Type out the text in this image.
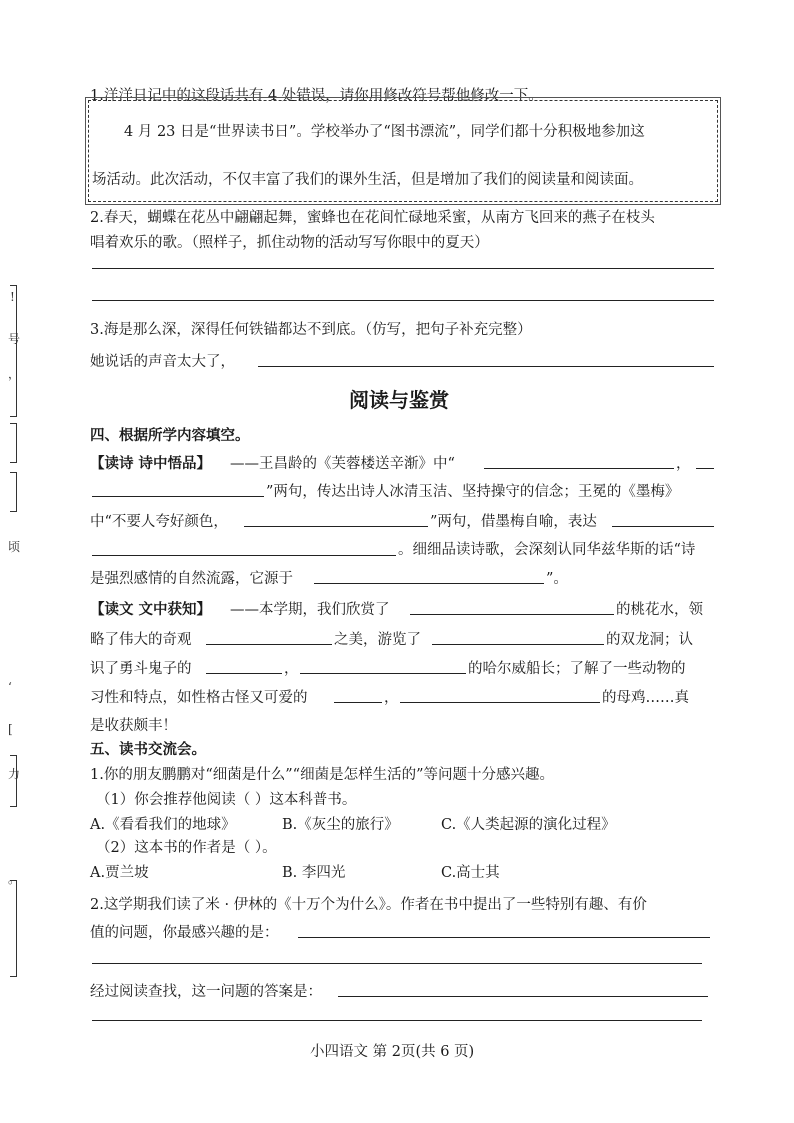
!
号
，
顷
‘
[
力
。
1.洋洋日记中的这段话共有 4 处错误，请你用修改符号帮他修改一下。
4 月 23 日是“世界读书日”。学校举办了“图书漂流”，同学们都十分积极地参加这
场活动。此次活动，不仅丰富了我们的课外生活，但是增加了我们的阅读量和阅读面。
2.春天，蝴蝶在花丛中翩翩起舞，蜜蜂也在花间忙碌地采蜜，从南方飞回来的燕子在枝头
唱着欢乐的歌。（照样子，抓住动物的活动写写你眼中的夏天）
3.海是那么深，深得任何铁锚都达不到底。（仿写，把句子补充完整）
她说话的声音太大了，
阅读与鉴赏
四、根据所学内容填空。
【读诗 诗中悟品】 ——王昌龄的《芙蓉楼送辛渐》中“	，
”两句，传达出诗人冰清玉洁、坚持操守的信念；王冕的《墨梅》
中“不要人夸好颜色，	”两句，借墨梅自喻，表达
。细细品读诗歌，会深刻认同华兹华斯的话“诗
是强烈感情的自然流露，它源于	”。
【读文 文中获知】 ——本学期，我们欣赏了	的桃花水，领
略了伟大的奇观	之美，游览了	的双龙洞；认
识了勇斗鬼子的	，	的哈尔威船长；了解了一些动物的
习性和特点，如性格古怪又可爱的	，	的母鸡……真
是收获颇丰！
五、读书交流会。
1.你的朋友鹏鹏对“细菌是什么”“细菌是怎样生活的”等问题十分感兴趣。
（1）你会推荐他阅读（ ）这本科普书。
A.《看看我们的地球》	B.《灰尘的旅行》	C.《人类起源的演化过程》
（2）这本书的作者是（ ）。
A.贾兰坡	B. 李四光	C.高士其
2.这学期我们读了米 · 伊林的《十万个为什么》。作者在书中提出了一些特别有趣、有价
值的问题，你最感兴趣的是：
经过阅读查找，这一问题的答案是：
小四语文 第 2页(共 6 页)
